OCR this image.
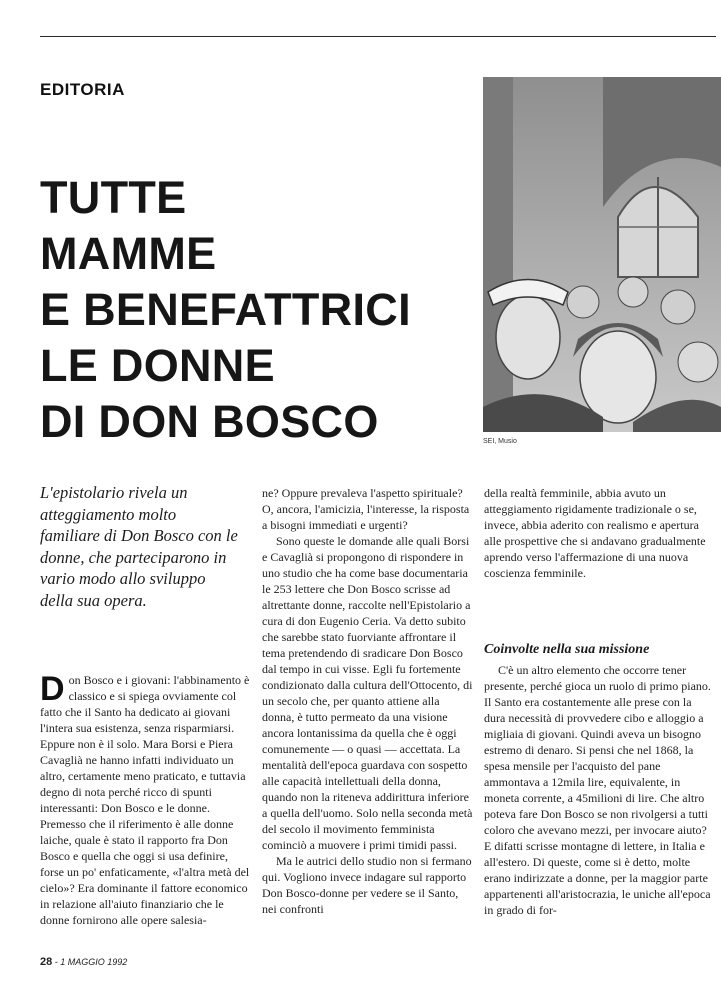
EDITORIA
TUTTE
MAMME
E BENEFATTRICI
LE DONNE
DI DON BOSCO	SEI, Musio

L'epistolario rivela un atteggiamento molto familiare di Don Bosco con le donne, che parteciparono in vario modo allo sviluppo della sua opera.

Don Bosco e i giovani: l'abbinamento è classico e si spiega ovviamente col fatto che il Santo ha dedicato ai giovani l'intera sua esistenza, senza risparmiarsi. Eppure non è il solo. Mara Borsi e Piera Cavaglià ne hanno infatti individuato un altro, certamente meno praticato, e tuttavia degno di nota perché ricco di spunti interessanti: Don Bosco e le donne. Premesso che il riferimento è alle donne laiche, quale è stato il rapporto fra Don Bosco e quella che oggi si usa definire, forse un po' enfaticamente, «l'altra metà del cielo»? Era dominante il fattore economico in relazione all'aiuto finanziario che le donne fornirono alle opere salesia-

ne? Oppure prevaleva l'aspetto spirituale? O, ancora, l'amicizia, l'interesse, la risposta a bisogni immediati e urgenti?

Sono queste le domande alle quali Borsi e Cavaglià si propongono di rispondere in uno studio che ha come base documentaria le 253 lettere che Don Bosco scrisse ad altrettante donne, raccolte nell'Epistolario a cura di don Eugenio Ceria. Va detto subito che sarebbe stato fuorviante affrontare il tema pretendendo di sradicare Don Bosco dal tempo in cui visse. Egli fu fortemente condizionato dalla cultura dell'Ottocento, di un secolo che, per quanto attiene alla donna, è tutto permeato da una visione ancora lontanissima da quella che è oggi comunemente — o quasi — accettata. La mentalità dell'epoca guardava con sospetto alle capacità intellettuali della donna, quando non la riteneva addirittura inferiore a quella dell'uomo. Solo nella seconda metà del secolo il movimento femminista cominciò a muovere i primi timidi passi.

Ma le autrici dello studio non si fermano qui. Vogliono invece indagare sul rapporto Don Bosco-donne per vedere se il Santo, nei confronti

della realtà femminile, abbia avuto un atteggiamento rigidamente tradizionale o se, invece, abbia aderito con realismo e apertura alle prospettive che si andavano gradualmente aprendo verso l'affermazione di una nuova coscienza femminile.

Coinvolte nella sua missione

C'è un altro elemento che occorre tener presente, perché gioca un ruolo di primo piano. Il Santo era costantemente alle prese con la dura necessità di provvedere cibo e alloggio a migliaia di giovani. Quindi aveva un bisogno estremo di denaro. Si pensi che nel 1868, la spesa mensile per l'acquisto del pane ammontava a 12mila lire, equivalente, in moneta corrente, a 45milioni di lire. Che altro poteva fare Don Bosco se non rivolgersi a tutti coloro che avevano mezzi, per invocare aiuto? E difatti scrisse montagne di lettere, in Italia e all'estero. Di queste, come si è detto, molte erano indirizzate a donne, per la maggior parte appartenenti all'aristocrazia, le uniche all'epoca in grado di for-

28 - 1 MAGGIO 1992
